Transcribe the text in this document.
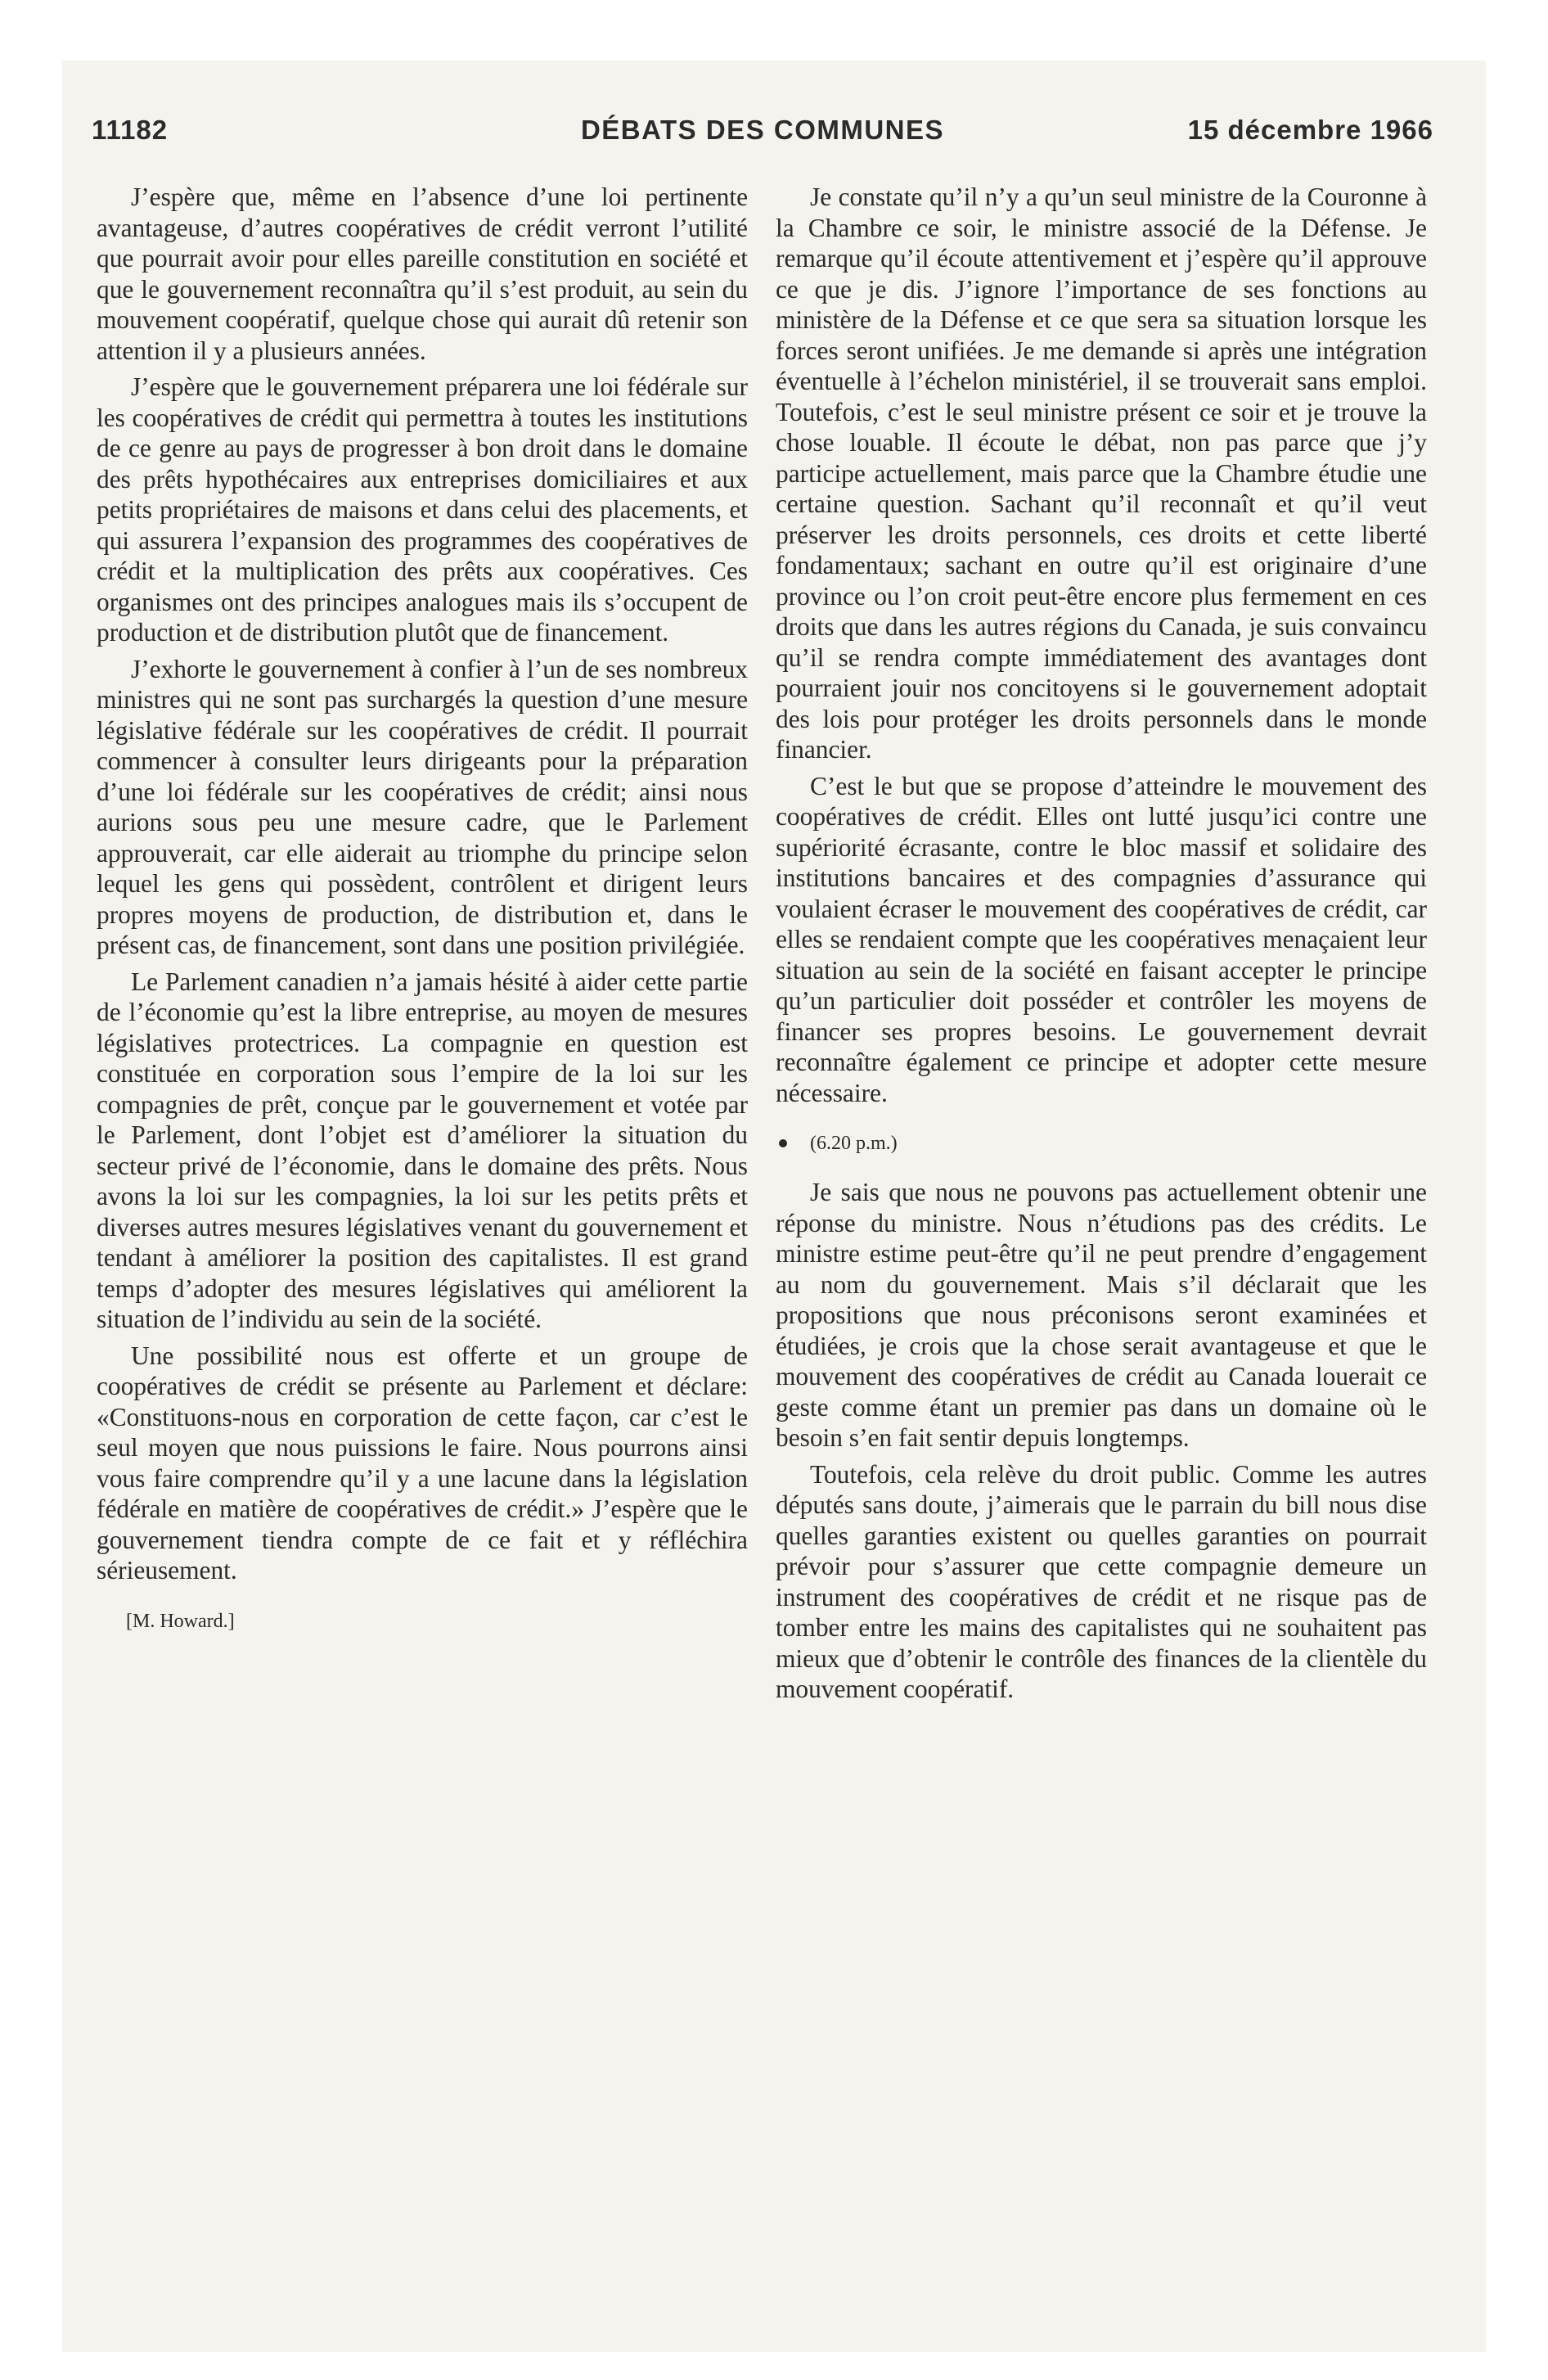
11182	DÉBATS DES COMMUNES	15 décembre 1966

J’espère que, même en l’absence d’une loi pertinente avantageuse, d’autres coopératives de crédit verront l’utilité que pourrait avoir pour elles pareille constitution en société et que le gouvernement reconnaîtra qu’il s’est produit, au sein du mouvement coopératif, quelque chose qui aurait dû retenir son attention il y a plusieurs années.

J’espère que le gouvernement préparera une loi fédérale sur les coopératives de crédit qui permettra à toutes les institutions de ce genre au pays de progresser à bon droit dans le domaine des prêts hypothécaires aux entreprises domiciliaires et aux petits propriétaires de maisons et dans celui des placements, et qui assurera l’expansion des programmes des coopératives de crédit et la multiplication des prêts aux coopératives. Ces organismes ont des principes analogues mais ils s’occupent de production et de distribution plutôt que de financement.

J’exhorte le gouvernement à confier à l’un de ses nombreux ministres qui ne sont pas surchargés la question d’une mesure législative fédérale sur les coopératives de crédit. Il pourrait commencer à consulter leurs dirigeants pour la préparation d’une loi fédérale sur les coopératives de crédit; ainsi nous aurions sous peu une mesure cadre, que le Parlement approuverait, car elle aiderait au triomphe du principe selon lequel les gens qui possèdent, contrôlent et dirigent leurs propres moyens de production, de distribution et, dans le présent cas, de financement, sont dans une position privilégiée.

Le Parlement canadien n’a jamais hésité à aider cette partie de l’économie qu’est la libre entreprise, au moyen de mesures législatives protectrices. La compagnie en question est constituée en corporation sous l’empire de la loi sur les compagnies de prêt, conçue par le gouvernement et votée par le Parlement, dont l’objet est d’améliorer la situation du secteur privé de l’économie, dans le domaine des prêts. Nous avons la loi sur les compagnies, la loi sur les petits prêts et diverses autres mesures législatives venant du gouvernement et tendant à améliorer la position des capitalistes. Il est grand temps d’adopter des mesures législatives qui améliorent la situation de l’individu au sein de la société.

Une possibilité nous est offerte et un groupe de coopératives de crédit se présente au Parlement et déclare: «Constituons-nous en corporation de cette façon, car c’est le seul moyen que nous puissions le faire. Nous pourrons ainsi vous faire comprendre qu’il y a une lacune dans la législation fédérale en matière de coopératives de crédit.» J’espère que le gouvernement tiendra compte de ce fait et y réfléchira sérieusement.

[M. Howard.]

Je constate qu’il n’y a qu’un seul ministre de la Couronne à la Chambre ce soir, le ministre associé de la Défense. Je remarque qu’il écoute attentivement et j’espère qu’il approuve ce que je dis. J’ignore l’importance de ses fonctions au ministère de la Défense et ce que sera sa situation lorsque les forces seront unifiées. Je me demande si après une intégration éventuelle à l’échelon ministériel, il se trouverait sans emploi. Toutefois, c’est le seul ministre présent ce soir et je trouve la chose louable. Il écoute le débat, non pas parce que j’y participe actuellement, mais parce que la Chambre étudie une certaine question. Sachant qu’il reconnaît et qu’il veut préserver les droits personnels, ces droits et cette liberté fondamentaux; sachant en outre qu’il est originaire d’une province ou l’on croit peut-être encore plus fermement en ces droits que dans les autres régions du Canada, je suis convaincu qu’il se rendra compte immédiatement des avantages dont pourraient jouir nos concitoyens si le gouvernement adoptait des lois pour protéger les droits personnels dans le monde financier.

C’est le but que se propose d’atteindre le mouvement des coopératives de crédit. Elles ont lutté jusqu’ici contre une supériorité écrasante, contre le bloc massif et solidaire des institutions bancaires et des compagnies d’assurance qui voulaient écraser le mouvement des coopératives de crédit, car elles se rendaient compte que les coopératives menaçaient leur situation au sein de la société en faisant accepter le principe qu’un particulier doit posséder et contrôler les moyens de financer ses propres besoins. Le gouvernement devrait reconnaître également ce principe et adopter cette mesure nécessaire.

(6.20 p.m.)

Je sais que nous ne pouvons pas actuellement obtenir une réponse du ministre. Nous n’étudions pas des crédits. Le ministre estime peut-être qu’il ne peut prendre d’engagement au nom du gouvernement. Mais s’il déclarait que les propositions que nous préconisons seront examinées et étudiées, je crois que la chose serait avantageuse et que le mouvement des coopératives de crédit au Canada louerait ce geste comme étant un premier pas dans un domaine où le besoin s’en fait sentir depuis longtemps.

Toutefois, cela relève du droit public. Comme les autres députés sans doute, j’aimerais que le parrain du bill nous dise quelles garanties existent ou quelles garanties on pourrait prévoir pour s’assurer que cette compagnie demeure un instrument des coopératives de crédit et ne risque pas de tomber entre les mains des capitalistes qui ne souhaitent pas mieux que d’obtenir le contrôle des finances de la clientèle du mouvement coopératif.
